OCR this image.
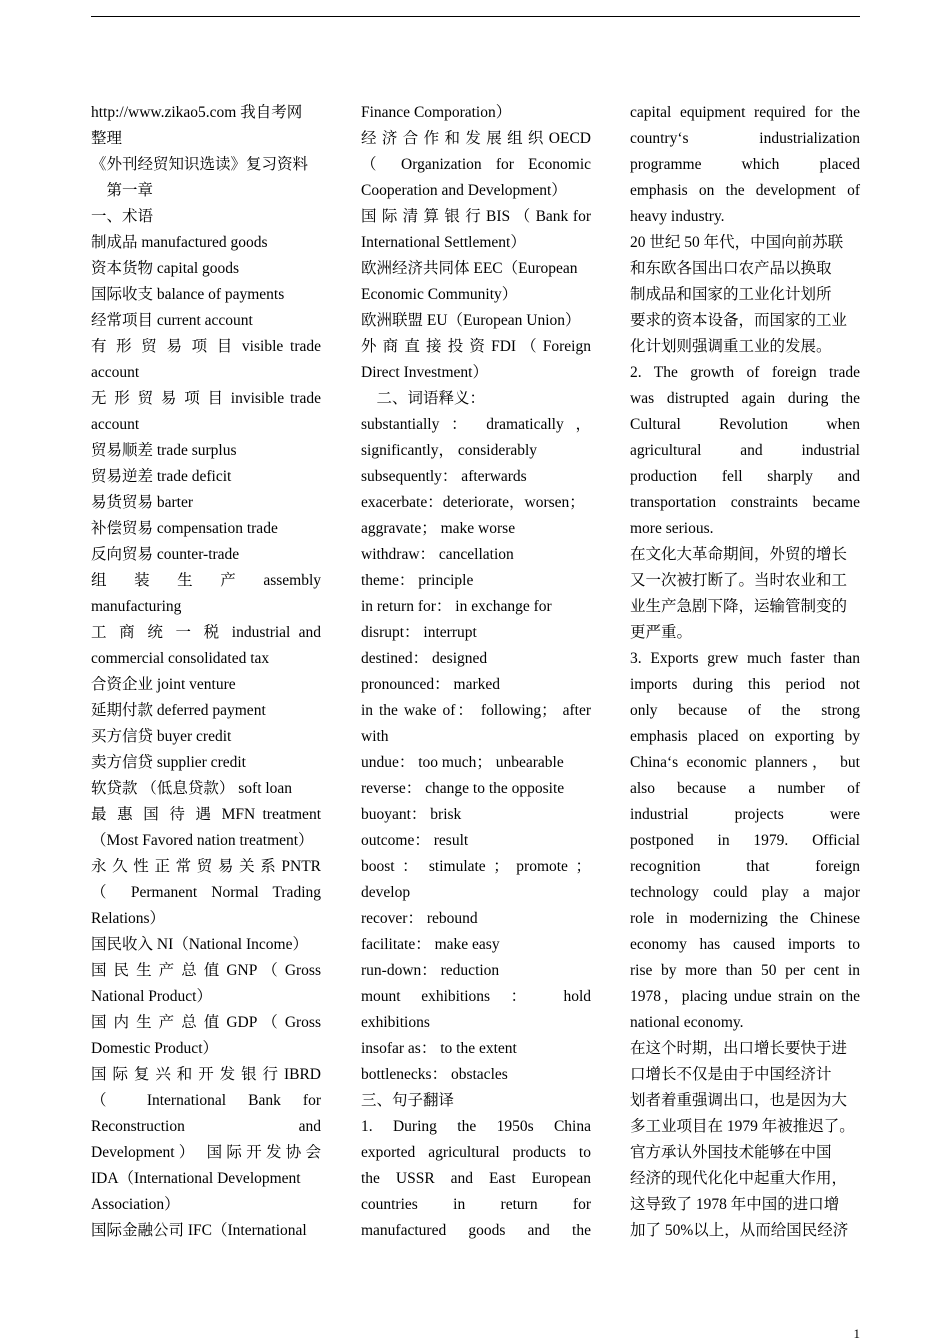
http://www.zikao5.com 我自考网
整理
《外刊经贸知识选读》复习资料
　第一章
一、术语
制成品 manufactured goods
资本货物 capital goods
国际收支 balance of payments
经常项目 current account
有 形 贸 易 项 目 visible trade
account
无 形 贸 易 项 目 invisible trade
account
贸易顺差 trade surplus
贸易逆差 trade deficit
易货贸易 barter
补偿贸易 compensation trade
反向贸易 counter-trade
组 装 生 产 assembly
manufacturing
工 商 统 一 税 industrial and
commercial consolidated tax
合资企业 joint venture
延期付款 deferred payment
买方信贷 buyer credit
卖方信贷 supplier credit
软贷款 （低息贷款） soft loan
最 惠 国 待 遇 MFN treatment
（Most Favored nation treatment）
永 久 性 正 常 贸 易 关 系 PNTR
（ Permanent Normal Trading
Relations）
国民收入 NI（National Income）
国 民 生 产 总 值 GNP （ Gross
National Product）
国 内 生 产 总 值 GDP （ Gross
Domestic Product）
国 际 复 兴 和 开 发 银 行 IBRD
（ International Bank for
Reconstruction and
Development） 国际开发协会
IDA（International Development
Association）
国际金融公司 IFC（International
Finance Comporation）
经 济 合 作 和 发 展 组 织 OECD
（ Organization for Economic
Cooperation and Development）
国 际 清 算 银 行 BIS （ Bank for
International Settlement）
欧洲经济共同体 EEC（European
Economic Community）
欧洲联盟 EU（European Union）
外 商 直 接 投 资 FDI （ Foreign
Direct Investment）
　二、词语释义：
substantially ： dramatically ，
significantly， considerably
subsequently： afterwards
exacerbate：deteriorate，worsen；
aggravate； make worse
withdraw： cancellation
theme： principle
in return for： in exchange for
disrupt： interrupt
destined： designed
pronounced： marked
in the wake of： following； after
with
undue： too much； unbearable
reverse： change to the opposite
buoyant： brisk
outcome： result
boost ： stimulate ； promote ；
develop
recover： rebound
facilitate： make easy
run-down： reduction
mount exhibitions ： hold
exhibitions
insofar as： to the extent
bottlenecks： obstacles
三、句子翻译
1. During the 1950s China
exported agricultural products to
the USSR and East European
countries in return for
manufactured goods and the
capital equipment required for the
country‘s industrialization
programme which placed
emphasis on the development of
heavy industry.
20 世纪 50 年代，中国向前苏联
和东欧各国出口农产品以换取
制成品和国家的工业化计划所
要求的资本设备，而国家的工业
化计划则强调重工业的发展。
2. The growth of foreign trade
was distrupted again during the
Cultural Revolution when
agricultural and industrial
production fell sharply and
transportation constraints became
more serious.
在文化大革命期间，外贸的增长
又一次被打断了。当时农业和工
业生产急剧下降，运输管制变的
更严重。
3. Exports grew much faster than
imports during this period not
only because of the strong
emphasis placed on exporting by
China‘s economic planners， but
also because a number of
industrial projects were
postponed in 1979. Official
recognition that foreign
technology could play a major
role in modernizing the Chinese
economy has caused imports to
rise by more than 50 per cent in
1978，placing undue strain on the
national economy.
在这个时期，出口增长要快于进
口增长不仅是由于中国经济计
划者着重强调出口，也是因为大
多工业项目在 1979 年被推迟了。
官方承认外国技术能够在中国
经济的现代化化中起重大作用，
这导致了 1978 年中国的进口增
加了 50%以上，从而给国民经济
1
